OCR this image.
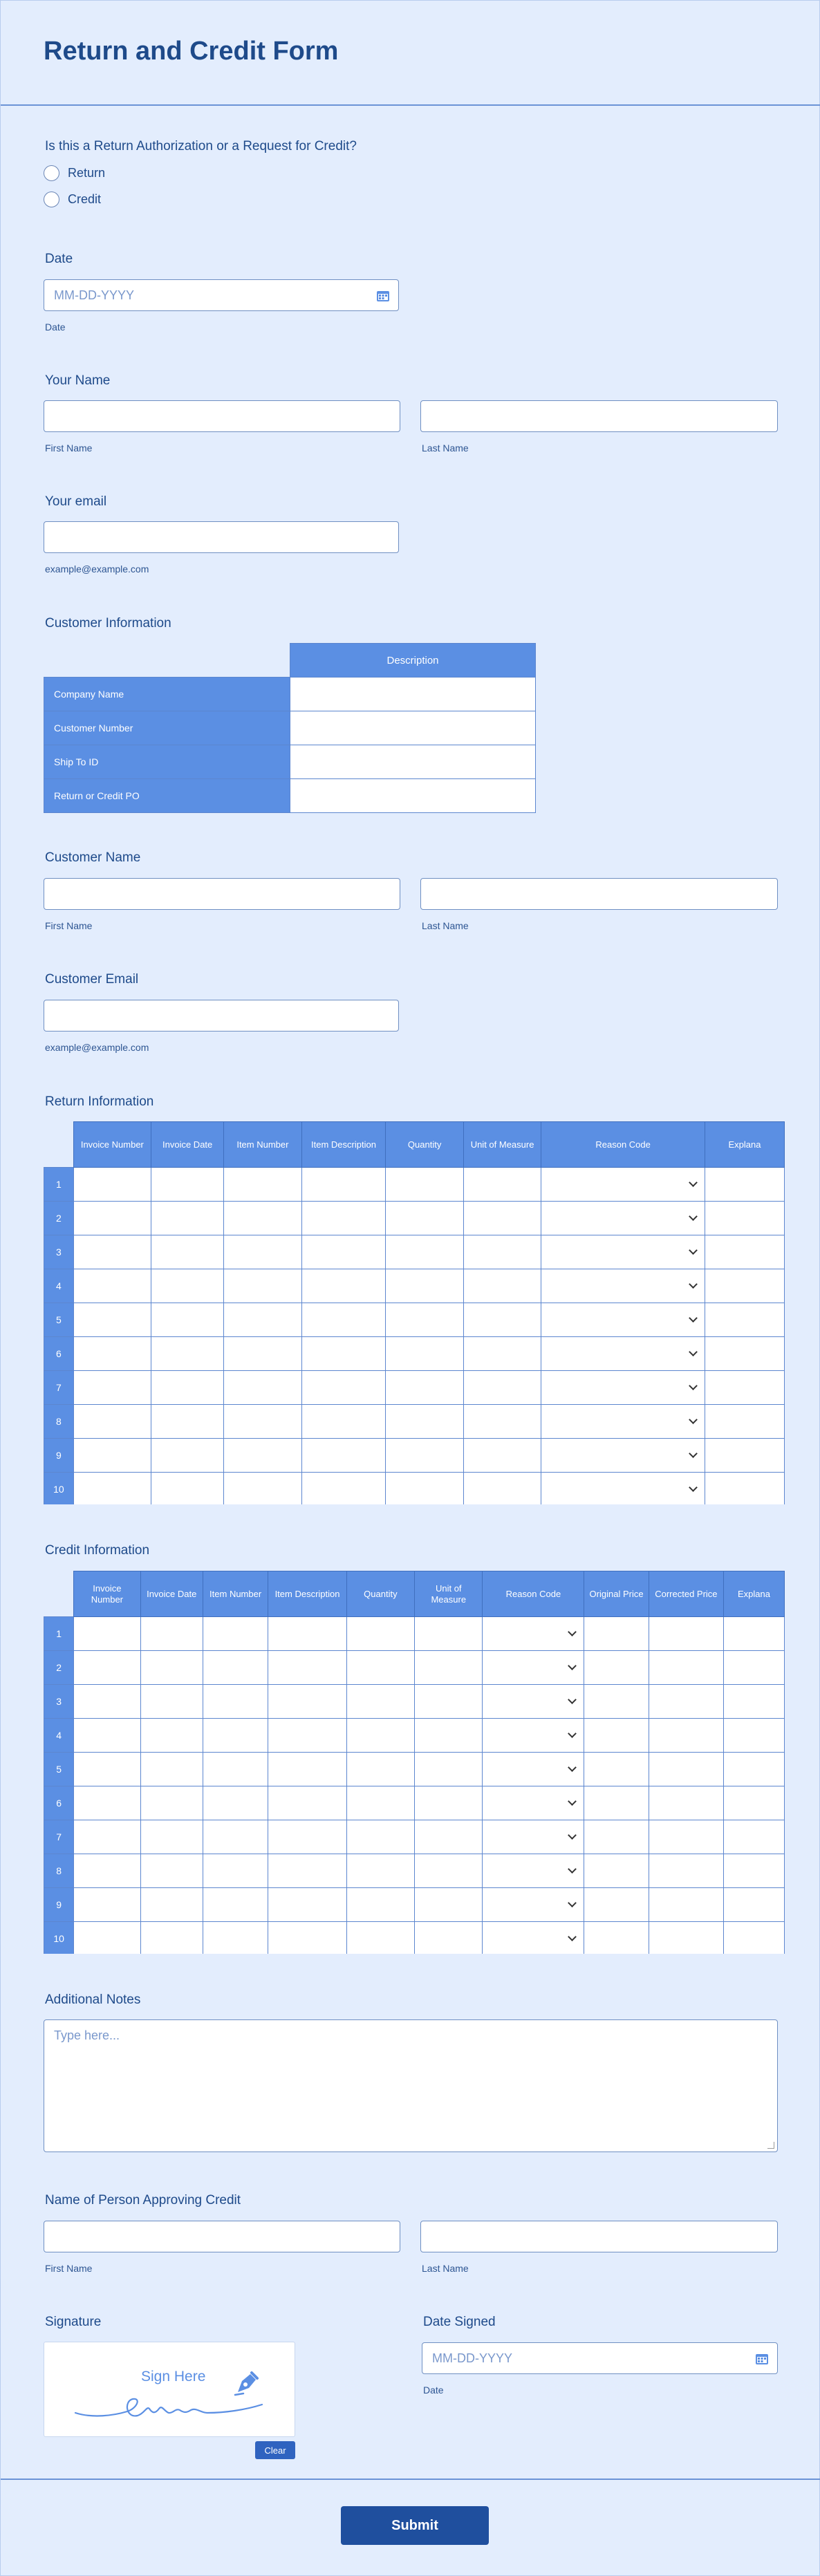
Return and Credit Form
Is this a Return Authorization or a Request for Credit?
Return
Credit
Date
MM-DD-YYYY
Date
Your Name
First Name	Last Name
Your email
example@example.com
Customer Information
	Description
Company Name	
Customer Number	
Ship To ID	
Return or Credit PO	
Customer Name
First Name	Last Name
Customer Email
example@example.com
Return Information
	Invoice Number	Invoice Date	Item Number	Item Description	Quantity	Unit of Measure	Reason Code	Explana
1							

2							

3							

4							

5							

6							

7							

8							

9							

10							

Credit Information
	Invoice Number	Invoice Date	Item Number	Item Description	Quantity	Unit of Measure	Reason Code	Original Price	Corrected Price	Explana
1							

2							

3							

4							

5							

6							

7							

8							

9							

10							

Additional Notes
Type here...
Name of Person Approving Credit
First Name	Last Name
Signature
Sign Here
Clear
Date Signed
MM-DD-YYYY
Date
Submit
